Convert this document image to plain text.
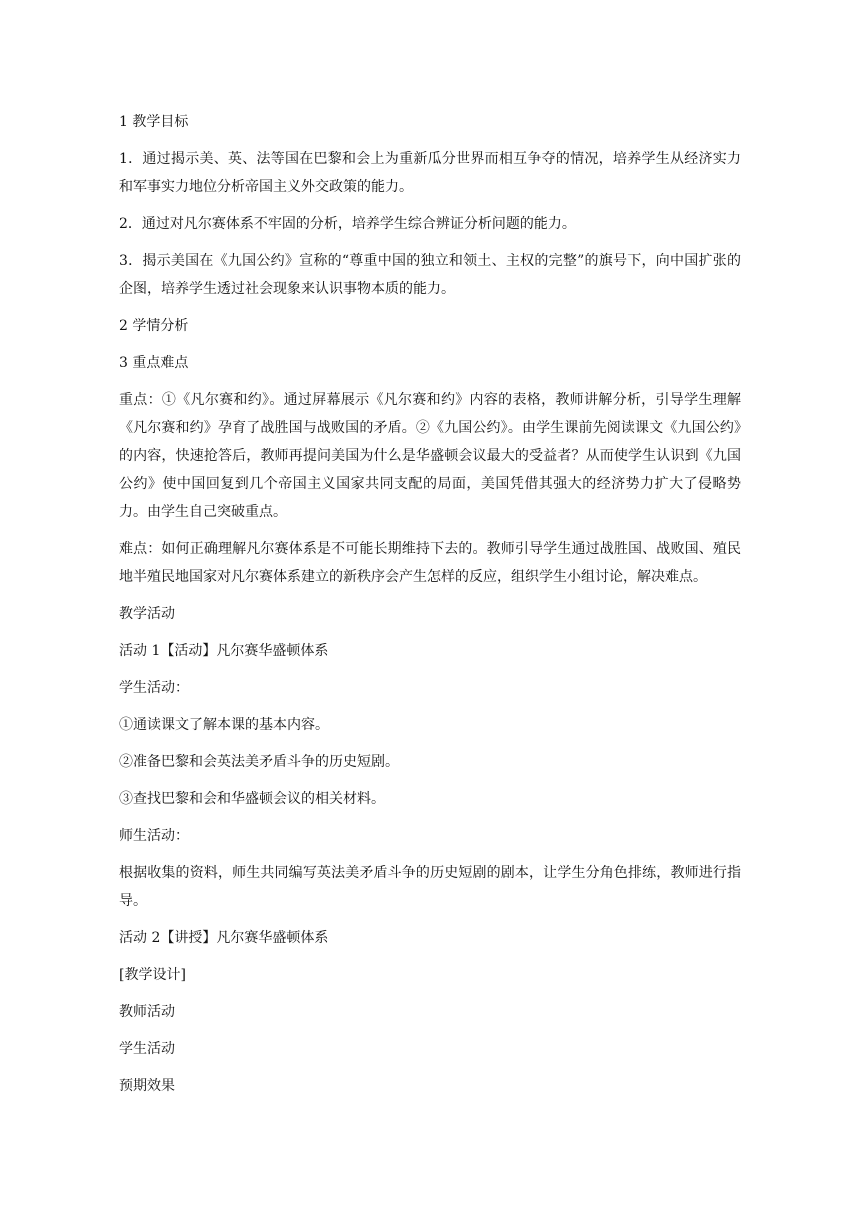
1 教学目标

1．通过揭示美、英、法等国在巴黎和会上为重新瓜分世界而相互争夺的情况，培养学生从经济实力和军事实力地位分析帝国主义外交政策的能力。

2．通过对凡尔赛体系不牢固的分析，培养学生综合辨证分析问题的能力。

3．揭示美国在《九国公约》宣称的“尊重中国的独立和领土、主权的完整”的旗号下，向中国扩张的企图，培养学生透过社会现象来认识事物本质的能力。

2 学情分析

3 重点难点

重点：①《凡尔赛和约》。通过屏幕展示《凡尔赛和约》内容的表格，教师讲解分析，引导学生理解《凡尔赛和约》孕育了战胜国与战败国的矛盾。②《九国公约》。由学生课前先阅读课文《九国公约》的内容，快速抢答后，教师再提问美国为什么是华盛顿会议最大的受益者？从而使学生认识到《九国公约》使中国回复到几个帝国主义国家共同支配的局面，美国凭借其强大的经济势力扩大了侵略势力。由学生自己突破重点。

难点：如何正确理解凡尔赛体系是不可能长期维持下去的。教师引导学生通过战胜国、战败国、殖民地半殖民地国家对凡尔赛体系建立的新秩序会产生怎样的反应，组织学生小组讨论，解决难点。

教学活动

活动 1【活动】凡尔赛华盛顿体系

学生活动：

①通读课文了解本课的基本内容。

②准备巴黎和会英法美矛盾斗争的历史短剧。

③查找巴黎和会和华盛顿会议的相关材料。

师生活动：

根据收集的资料，师生共同编写英法美矛盾斗争的历史短剧的剧本，让学生分角色排练，教师进行指导。

活动 2【讲授】凡尔赛华盛顿体系

[教学设计]

教师活动

学生活动

预期效果
